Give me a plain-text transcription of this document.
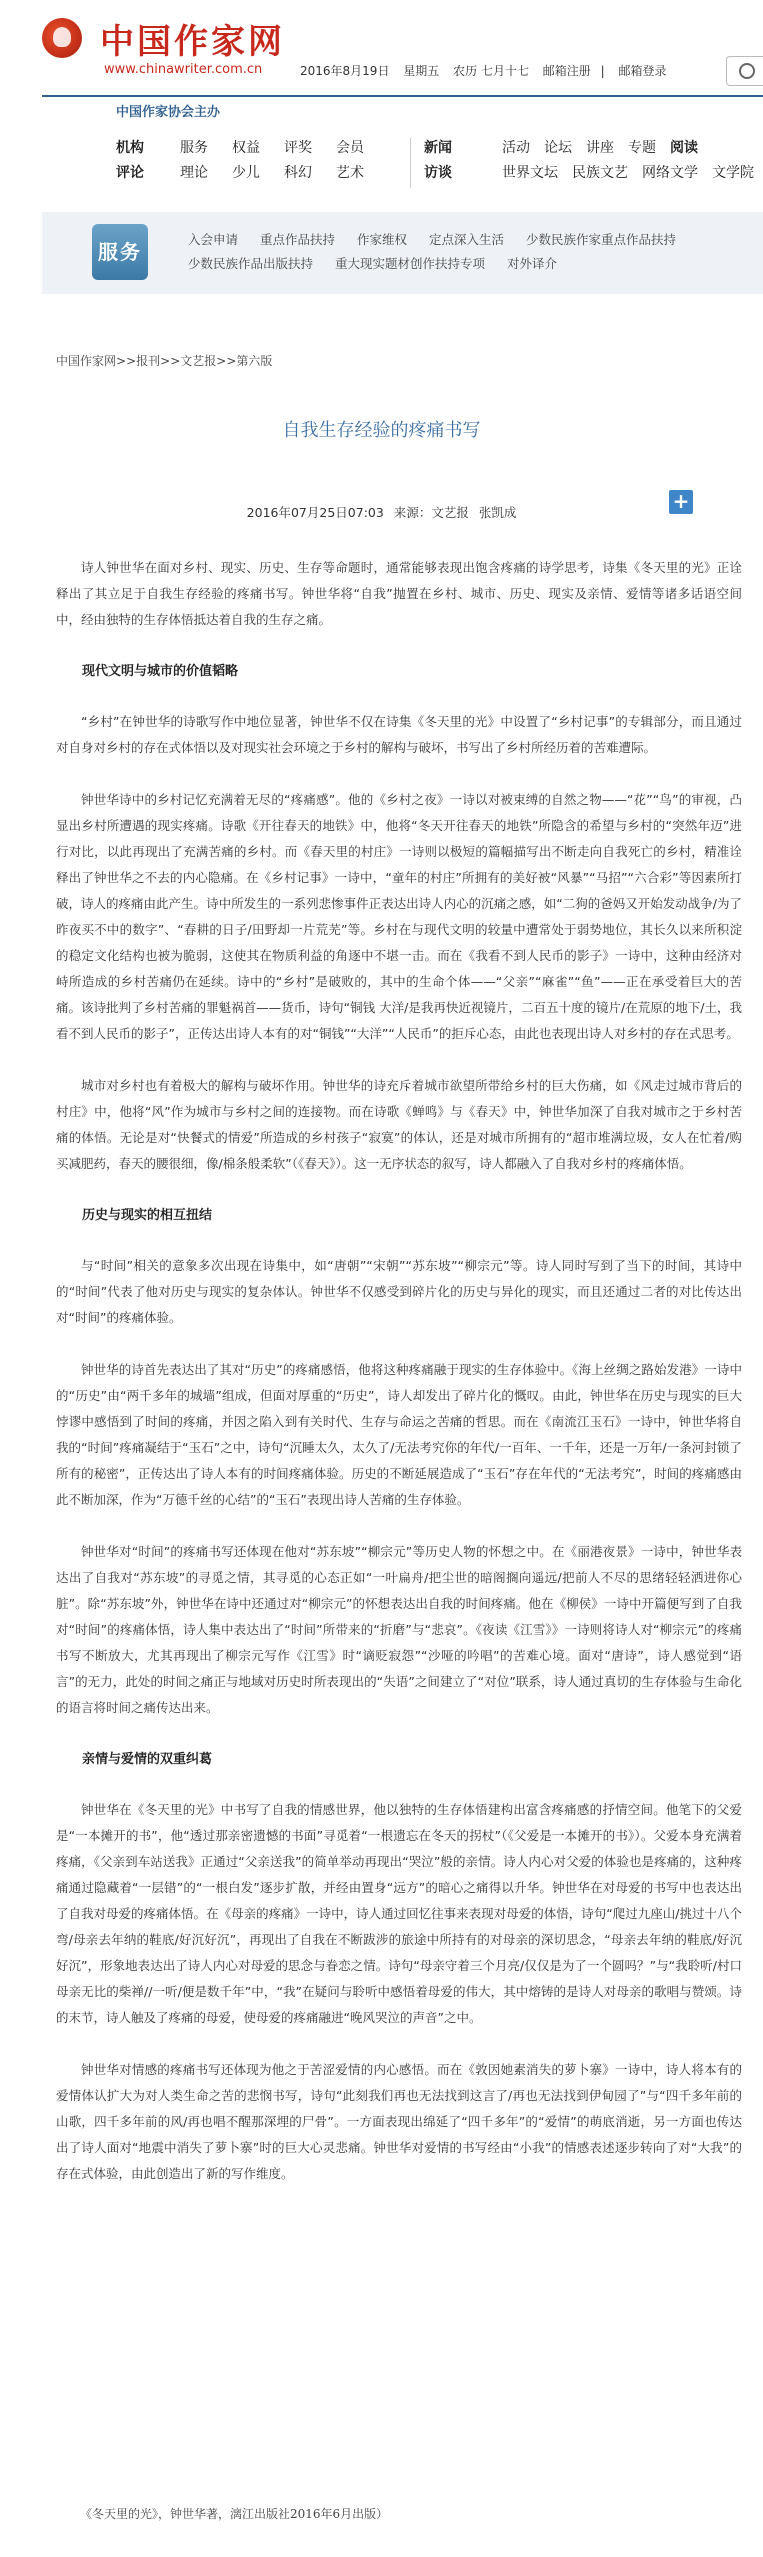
中国作家网
www.chinawriter.com.cn	2016年8月19日 星期五 农历 七月十七 邮箱注册 | 邮箱登录
中国作家协会主办
机构	服务 权益 评奖 会员
评论	理论 少儿 科幻 艺术
新闻	活动 论坛 讲座 专题 阅读
访谈	世界文坛 民族文艺 网络文学 文学院
服务
入会申请 重点作品扶持 作家维权 定点深入生活 少数民族作家重点作品扶持
少数民族作品出版扶持 重大现实题材创作扶持专项 对外译介
中国作家网>>报刊>>文艺报>>第六版
自我生存经验的疼痛书写
2016年07月25日07:03 来源：文艺报 张凯成	+

诗人钟世华在面对乡村、现实、历史、生存等命题时，通常能够表现出饱含疼痛的诗学思考，诗集《冬天里的光》正诠释出了其立足于自我生存经验的疼痛书写。钟世华将“自我”抛置在乡村、城市、历史、现实及亲情、爱情等诸多话语空间中，经由独特的生存体悟抵达着自我的生存之痛。

现代文明与城市的价值韬略

“乡村”在钟世华的诗歌写作中地位显著，钟世华不仅在诗集《冬天里的光》中设置了“乡村记事”的专辑部分，而且通过对自身对乡村的存在式体悟以及对现实社会环境之于乡村的解构与破坏，书写出了乡村所经历着的苦难遭际。

钟世华诗中的乡村记忆充满着无尽的“疼痛感”。他的《乡村之夜》一诗以对被束缚的自然之物——“花”“鸟”的审视，凸显出乡村所遭遇的现实疼痛。诗歌《开往春天的地铁》中，他将“冬天开往春天的地铁”所隐含的希望与乡村的“突然年迈”进行对比，以此再现出了充满苦痛的乡村。而《春天里的村庄》一诗则以极短的篇幅描写出不断走向自我死亡的乡村，精准诠释出了钟世华之不去的内心隐痛。在《乡村记事》一诗中，“童年的村庄”所拥有的美好被“风暴”“马招”“六合彩”等因素所打破，诗人的疼痛由此产生。诗中所发生的一系列悲惨事件正表达出诗人内心的沉痛之感，如“二狗的爸妈又开始发动战争/为了昨夜买不中的数字”、“春耕的日子/田野却一片荒芜”等。乡村在与现代文明的较量中遭常处于弱势地位，其长久以来所积淀的稳定文化结构也被为脆弱，这使其在物质利益的角逐中不堪一击。而在《我看不到人民币的影子》一诗中，这种由经济对峙所造成的乡村苦痛仍在延续。诗中的“乡村”是破败的，其中的生命个体——“父亲”“麻雀”“鱼”——正在承受着巨大的苦痛。该诗批判了乡村苦痛的罪魁祸首——货币，诗句“铜钱 大洋/是我再快近视镜片，二百五十度的镜片/在荒原的地下/土，我看不到人民币的影子”，正传达出诗人本有的对“铜钱”“大洋”“人民币”的拒斥心态，由此也表现出诗人对乡村的存在式思考。

城市对乡村也有着极大的解构与破坏作用。钟世华的诗充斥着城市欲望所带给乡村的巨大伤痛，如《风走过城市背后的村庄》中，他将“风”作为城市与乡村之间的连接物。而在诗歌《蝉鸣》与《春天》中，钟世华加深了自我对城市之于乡村苦痛的体悟。无论是对“快餐式的情爱”所造成的乡村孩子“寂寞”的体认，还是对城市所拥有的“超市堆满垃圾，女人在忙着/购买减肥药，春天的腰很细，像/棉条般柔软”（《春天》）。这一无序状态的叙写，诗人都融入了自我对乡村的疼痛体悟。

历史与现实的相互扭结

与“时间”相关的意象多次出现在诗集中，如“唐朝”“宋朝”“苏东坡”“柳宗元”等。诗人同时写到了当下的时间，其诗中的“时间”代表了他对历史与现实的复杂体认。钟世华不仅感受到碎片化的历史与异化的现实，而且还通过二者的对比传达出对“时间”的疼痛体验。

钟世华的诗首先表达出了其对“历史”的疼痛感悟，他将这种疼痛融于现实的生存体验中。《海上丝绸之路始发港》一诗中的“历史”由“两千多年的城墙”组成，但面对厚重的“历史”，诗人却发出了碎片化的慨叹。由此，钟世华在历史与现实的巨大悖谬中感悟到了时间的疼痛，并因之陷入到有关时代、生存与命运之苦痛的哲思。而在《南流江玉石》一诗中，钟世华将自我的“时间”疼痛凝结于“玉石”之中，诗句“沉睡太久，太久了/无法考究你的年代/一百年、一千年，还是一万年/一条河封锁了所有的秘密”，正传达出了诗人本有的时间疼痛体验。历史的不断延展造成了“玉石”存在年代的“无法考究”，时间的疼痛感由此不断加深，作为“万德千丝的心结”的“玉石”表现出诗人苦痛的生存体验。

钟世华对“时间”的疼痛书写还体现在他对“苏东坡”“柳宗元”等历史人物的怀想之中。在《丽港夜景》一诗中，钟世华表达出了自我对“苏东坡”的寻觅之情，其寻觅的心态正如“一叶扁舟/把尘世的暗阁搁向遥远/把前人不尽的思绪轻轻洒进你心脏”。除“苏东坡”外，钟世华在诗中还通过对“柳宗元”的怀想表达出自我的时间疼痛。他在《柳侯》一诗中开篇便写到了自我对“时间”的疼痛体悟，诗人集中表达出了“时间”所带来的“折磨”与“悲哀”。《夜读《江雪》》一诗则将诗人对“柳宗元”的疼痛书写不断放大，尤其再现出了柳宗元写作《江雪》时“谪贬寂怨”“沙哑的吟唱”的苦难心境。面对“唐诗”，诗人感觉到“语言”的无力，此处的时间之痛正与地域对历史时所表现出的“失语”之间建立了“对位”联系，诗人通过真切的生存体验与生命化的语言将时间之痛传达出来。

亲情与爱情的双重纠葛

钟世华在《冬天里的光》中书写了自我的情感世界，他以独特的生存体悟建构出富含疼痛感的抒情空间。他笔下的父爱是“一本摊开的书”，他“透过那亲密遗憾的书面”寻觅着“一根遗忘在冬天的拐杖”（《父爱是一本摊开的书》）。父爱本身充满着疼痛，《父亲到车站送我》正通过“父亲送我”的简单举动再现出“哭泣”般的亲情。诗人内心对父爱的体验也是疼痛的，这种疼痛通过隐藏着“一层错”的“一根白发”逐步扩散，并经由置身“远方”的暗心之痛得以升华。钟世华在对母爱的书写中也表达出了自我对母爱的疼痛体悟。在《母亲的疼痛》一诗中，诗人通过回忆往事来表现对母爱的体悟，诗句“爬过九座山/挑过十八个弯/母亲去年纳的鞋底/好沉好沉”，再现出了自我在不断跋涉的旅途中所持有的对母亲的深切思念，“母亲去年纳的鞋底/好沉好沉”，形象地表达出了诗人内心对母爱的思念与眷恋之情。诗句“母亲守着三个月亮/仅仅是为了一个圆吗？”与“我聆听/村口母亲无比的柴禅//一听/便是数千年”中，“我”在疑问与聆听中感悟着母爱的伟大，其中熔铸的是诗人对母亲的歌唱与赞颂。诗的末节，诗人触及了疼痛的母爱，使母爱的疼痛融进“晚风哭泣的声音”之中。

钟世华对情感的疼痛书写还体现为他之于苦涩爱情的内心感悟。而在《敦因她素消失的萝卜寨》一诗中，诗人将本有的爱情体认扩大为对人类生命之苦的悲悯书写，诗句“此刻我们再也无法找到这言了/再也无法找到伊甸园了”与“四千多年前的山歌，四千多年前的风/再也唱不醒那深埋的尸骨”。一方面表现出绵延了“四千多年”的“爱情”的萌底消逝，另一方面也传达出了诗人面对“地震中消失了萝卜寨”时的巨大心灵悲痛。钟世华对爱情的书写经由“小我”的情感表述逐步转向了对“大我”的存在式体验，由此创造出了新的写作维度。

《冬天里的光》，钟世华著，漓江出版社2016年6月出版）
